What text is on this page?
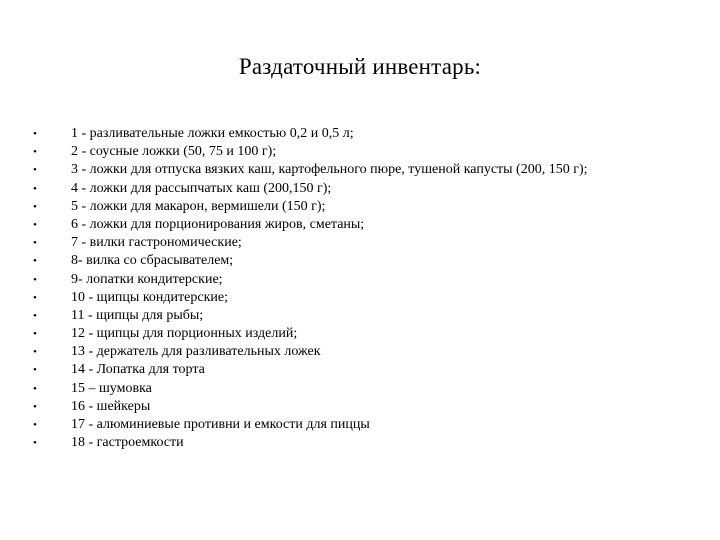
Раздаточный инвентарь:
• 1 - разливательные ложки емкостью 0,2 и 0,5 л;
• 2 - соусные ложки (50, 75 и 100 г);
• 3 - ложки для отпуска вязких каш, картофельного пюре, тушеной капусты (200, 150 г);
• 4 - ложки для рассыпчатых каш (200,150 г);
• 5 - ложки для макарон, вермишели (150 г);
• 6 - ложки для порционирования жиров, сметаны;
• 7 - вилки гастрономические;
• 8- вилка со сбрасывателем;
• 9- лопатки кондитерские;
• 10 - щипцы кондитерские;
• 11 - щипцы для рыбы;
• 12 - щипцы для порционных изделий;
• 13 - держатель для разливательных ложек
• 14 - Лопатка для торта
• 15 – шумовка
• 16 - шейкеры
• 17 - алюминиевые противни и емкости для пиццы
• 18 - гастроемкости
